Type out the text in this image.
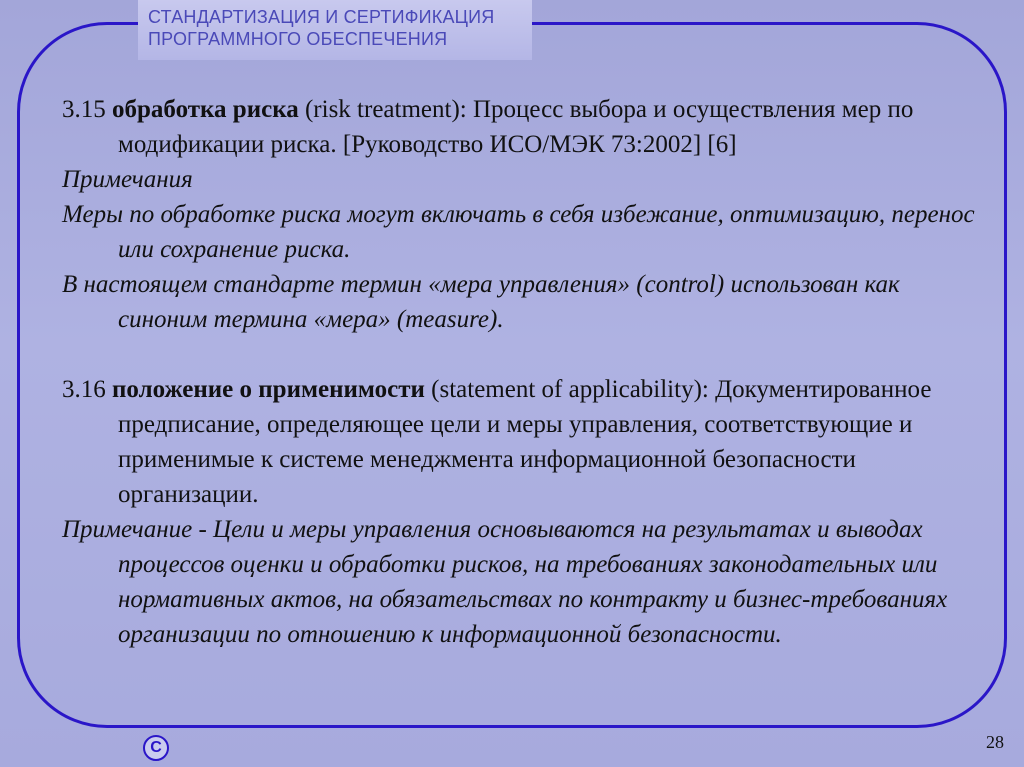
СТАНДАРТИЗАЦИЯ И СЕРТИФИКАЦИЯ
ПРОГРАММНОГО ОБЕСПЕЧЕНИЯ

3.15 обработка риска (risk treatment): Процесс выбора и осуществления мер по модификации риска. [Руководство ИСО/МЭК 73:2002] [6]

Примечания

Меры по обработке риска могут включать в себя избежание, оптимизацию, перенос или сохранение риска.

В настоящем стандарте термин «мера управления» (control) использован как синоним термина «мера» (measure).

3.16 положение о применимости (statement of applicability): Документированное предписание, определяющее цели и меры управления, соответствующие и применимые к системе менеджмента информационной безопасности организации.

Примечание - Цели и меры управления основываются на результатах и выводах процессов оценки и обработки рисков, на требованиях законодательных или нормативных актов, на обязательствах по контракту и бизнес-требованиях организации по отношению к информационной безопасности.

C	28
